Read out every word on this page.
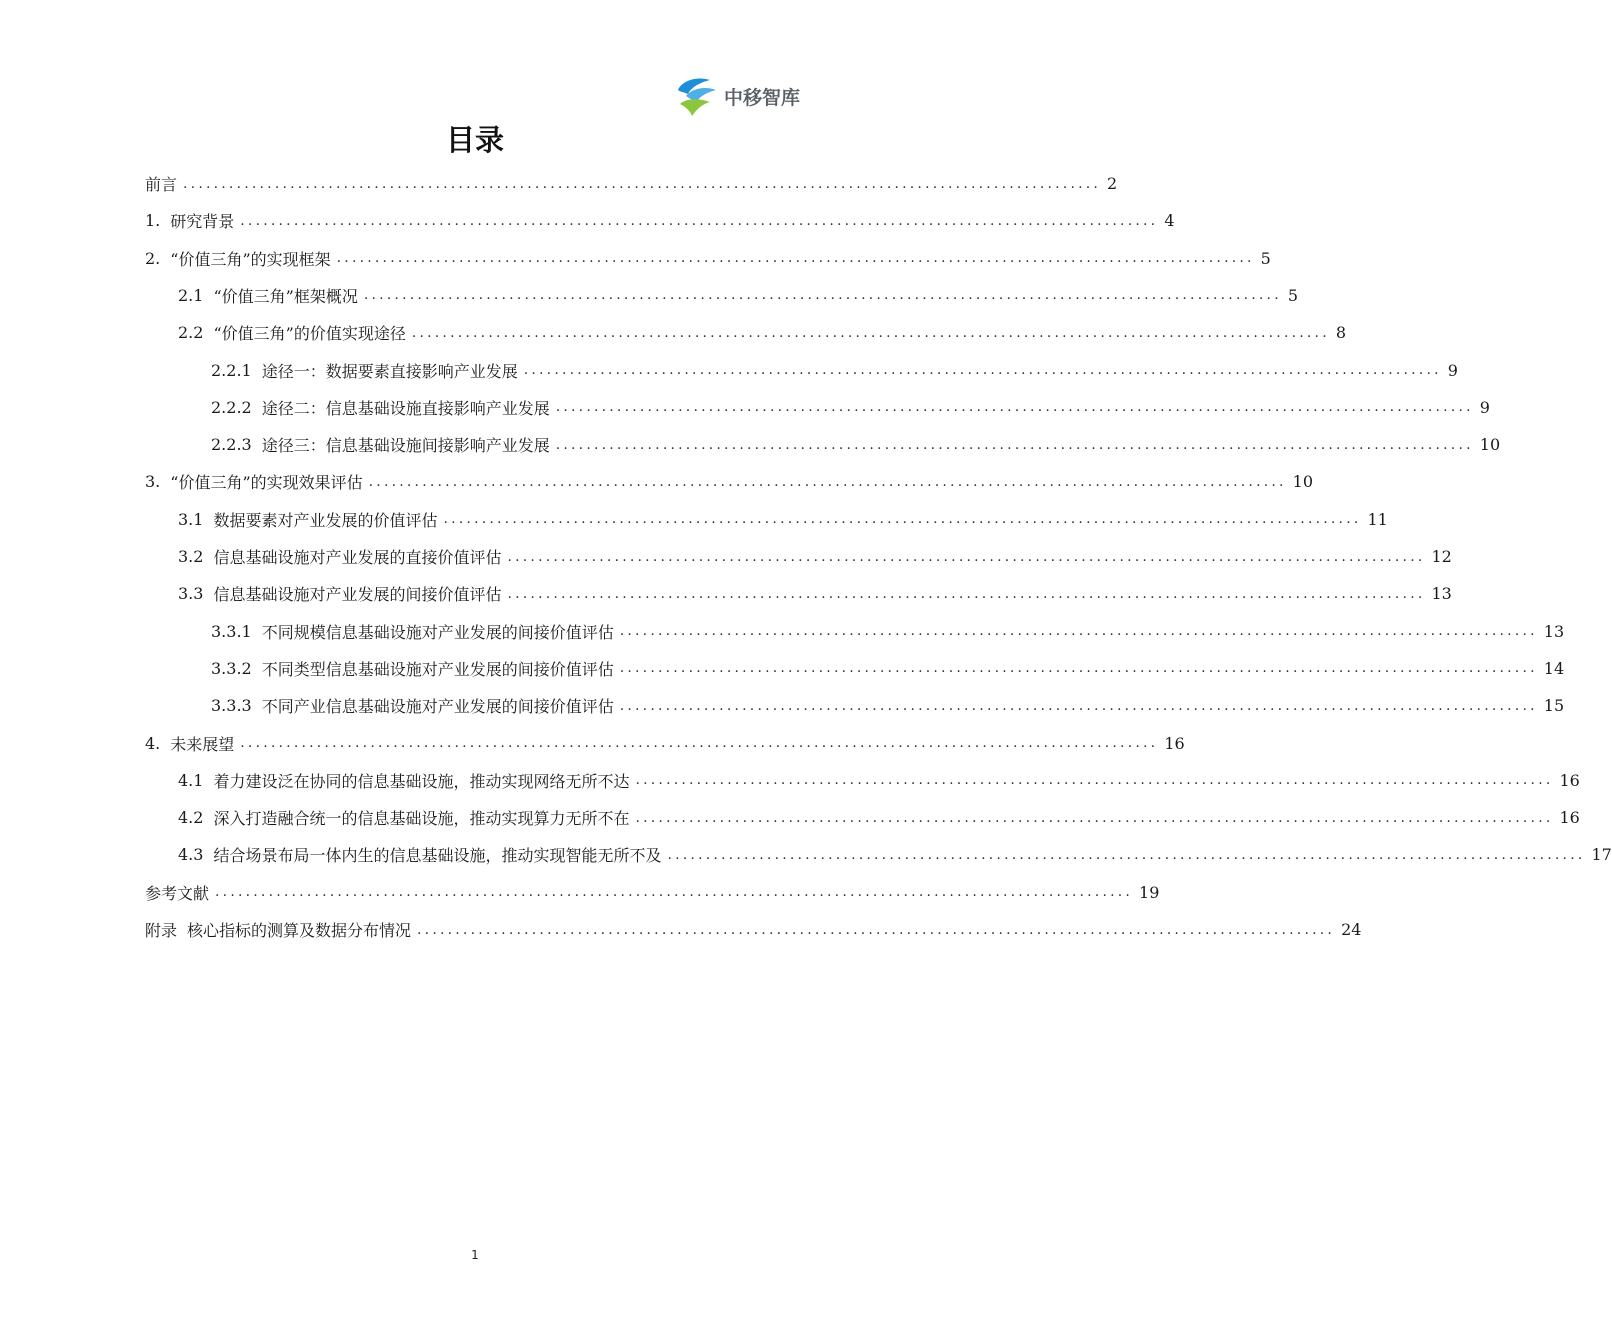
中移智库
目录
前言 ........................................................................................................................ 2
1. 研究背景 ........................................................................................................................ 4
2. “价值三角”的实现框架 ........................................................................................................................ 5
2.1 “价值三角”框架概况 ........................................................................................................................ 5
2.2 “价值三角”的价值实现途径 ........................................................................................................................ 8
2.2.1 途径一：数据要素直接影响产业发展 ........................................................................................................................ 9
2.2.2 途径二：信息基础设施直接影响产业发展 ........................................................................................................................ 9
2.2.3 途径三：信息基础设施间接影响产业发展 ........................................................................................................................ 10
3. “价值三角”的实现效果评估 ........................................................................................................................ 10
3.1 数据要素对产业发展的价值评估 ........................................................................................................................ 11
3.2 信息基础设施对产业发展的直接价值评估 ........................................................................................................................ 12
3.3 信息基础设施对产业发展的间接价值评估 ........................................................................................................................ 13
3.3.1 不同规模信息基础设施对产业发展的间接价值评估 ........................................................................................................................ 13
3.3.2 不同类型信息基础设施对产业发展的间接价值评估 ........................................................................................................................ 14
3.3.3 不同产业信息基础设施对产业发展的间接价值评估 ........................................................................................................................ 15
4. 未来展望 ........................................................................................................................ 16
4.1 着力建设泛在协同的信息基础设施，推动实现网络无所不达 ........................................................................................................................ 16
4.2 深入打造融合统一的信息基础设施，推动实现算力无所不在 ........................................................................................................................ 16
4.3 结合场景布局一体内生的信息基础设施，推动实现智能无所不及 ........................................................................................................................ 17
参考文献 ........................................................................................................................ 19
附录 核心指标的测算及数据分布情况 ........................................................................................................................ 24
1
